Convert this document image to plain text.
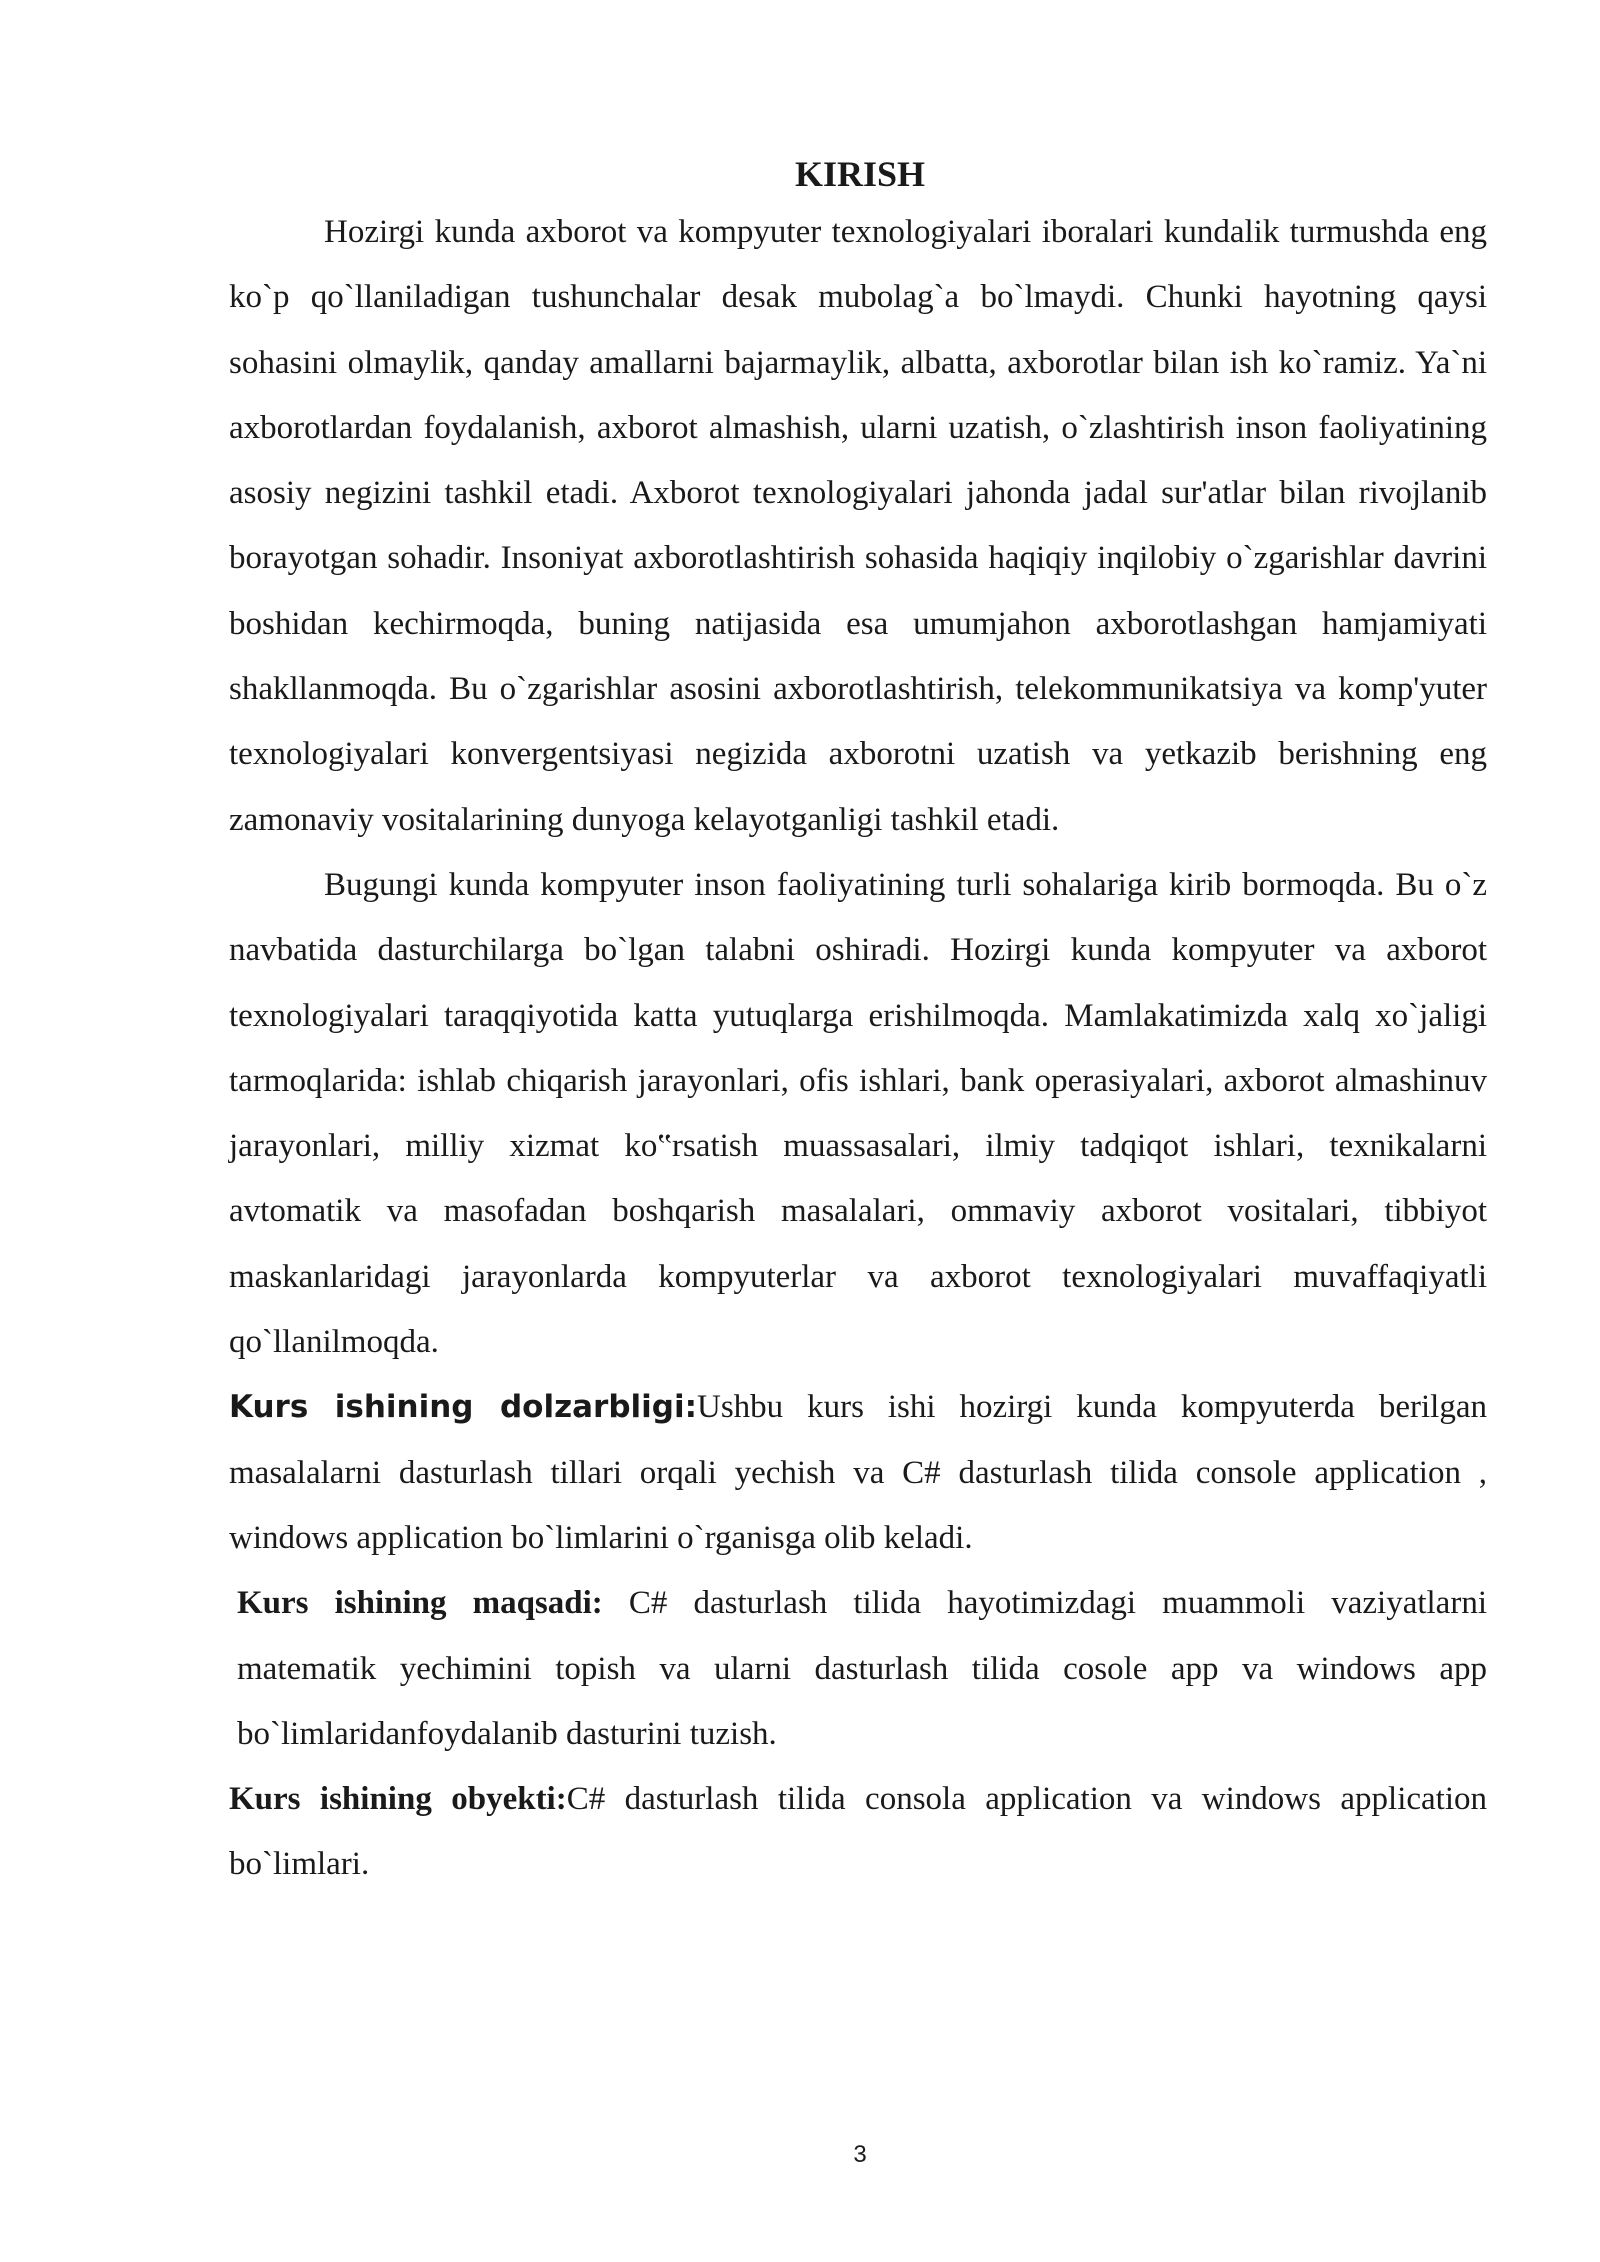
KIRISH

Hozirgi kunda axborot va kompyuter texnologiyalari iboralari kundalik turmushda eng ko`p qo`llaniladigan tushunchalar desak mubolag`a bo`lmaydi. Chunki hayotning qaysi sohasini olmaylik, qanday amallarni bajarmaylik, albatta, axborotlar bilan ish ko`ramiz. Ya`ni axborotlardan foydalanish, axborot almashish, ularni uzatish, o`zlashtirish inson faoliyatining asosiy negizini tashkil etadi. Axborot texnologiyalari jahonda jadal sur'atlar bilan rivojlanib borayotgan sohadir. Insoniyat axborotlashtirish sohasida haqiqiy inqilobiy o`zgarishlar davrini boshidan kechirmoqda, buning natijasida esa umumjahon axborotlashgan hamjamiyati shakllanmoqda. Bu o`zgarishlar asosini axborotlashtirish, telekommunikatsiya va komp'yuter texnologiyalari konvergentsiyasi negizida axborotni uzatish va yetkazib berishning eng zamonaviy vositalarining dunyoga kelayotganligi tashkil etadi.

Bugungi kunda kompyuter inson faoliyatining turli sohalariga kirib bormoqda. Bu o`z navbatida dasturchilarga bo`lgan talabni oshiradi. Hozirgi kunda kompyuter va axborot texnologiyalari taraqqiyotida katta yutuqlarga erishilmoqda. Mamlakatimizda xalq xo`jaligi tarmoqlarida: ishlab chiqarish jarayonlari, ofis ishlari, bank operasiyalari, axborot almashinuv jarayonlari, milliy xizmat ko‟rsatish muassasalari, ilmiy tadqiqot ishlari, texnikalarni avtomatik va masofadan boshqarish masalalari, ommaviy axborot vositalari, tibbiyot maskanlaridagi jarayonlarda kompyuterlar va axborot texnologiyalari muvaffaqiyatli qo`llanilmoqda.

Kurs ishining dolzarbligi:Ushbu kurs ishi hozirgi kunda kompyuterda berilgan masalalarni dasturlash tillari orqali yechish va C# dasturlash tilida console application , windows application bo`limlarini o`rganisga olib keladi.

Kurs ishining maqsadi: C# dasturlash tilida hayotimizdagi muammoli vaziyatlarni matematik yechimini topish va ularni dasturlash tilida cosole app va windows app bo`limlaridanfoydalanib dasturini tuzish.

Kurs ishining obyekti:C# dasturlash tilida consola application va windows application bo`limlari.

3
